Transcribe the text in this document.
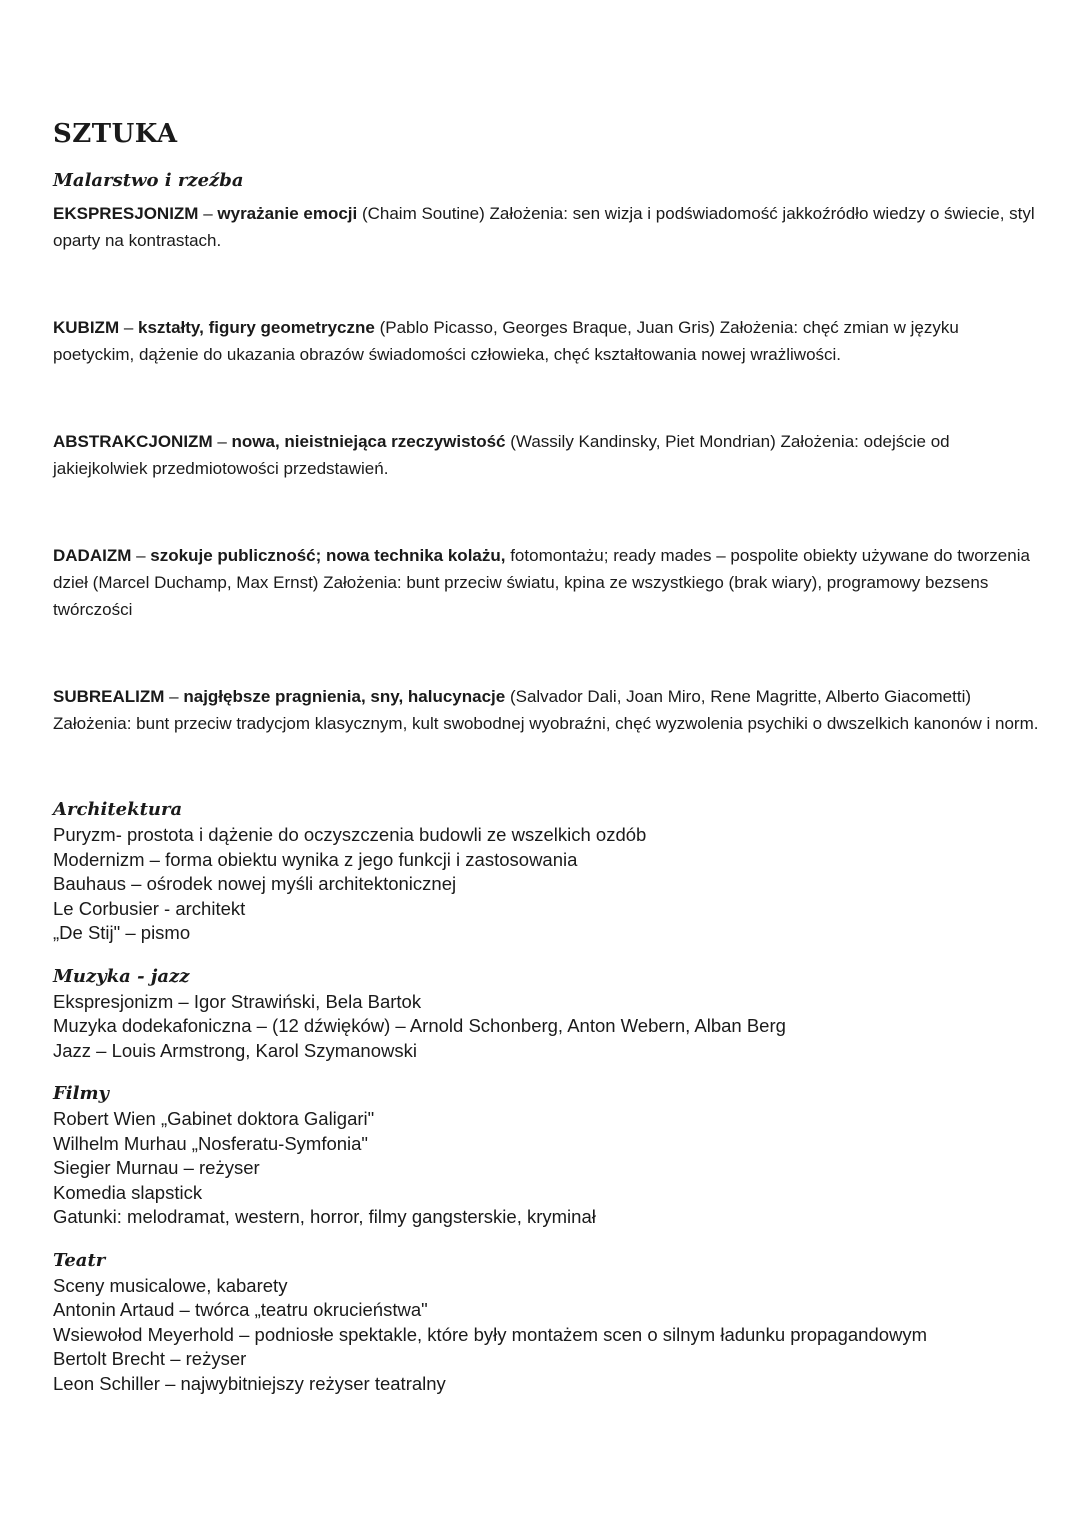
SZTUKA
Malarstwo i rzeźba

EKSPRESJONIZM – wyrażanie emocji (Chaim Soutine) Założenia: sen wizja i podświadomość jakkoźródło wiedzy o świecie, styl oparty na kontrastach.

KUBIZM – kształty, figury geometryczne (Pablo Picasso, Georges Braque, Juan Gris) Założenia: chęć zmian w języku poetyckim, dążenie do ukazania obrazów świadomości człowieka, chęć kształtowania nowej wrażliwości.

ABSTRAKCJONIZM – nowa, nieistniejąca rzeczywistość (Wassily Kandinsky, Piet Mondrian) Założenia: odejście od jakiejkolwiek przedmiotowości przedstawień.

DADAIZM – szokuje publiczność; nowa technika kolażu, fotomontażu; ready mades – pospolite obiekty używane do tworzenia dzieł (Marcel Duchamp, Max Ernst) Założenia: bunt przeciw światu, kpina ze wszystkiego (brak wiary), programowy bezsens twórczości

SUBREALIZM – najgłębsze pragnienia, sny, halucynacje (Salvador Dali, Joan Miro, Rene Magritte, Alberto Giacometti) Założenia: bunt przeciw tradycjom klasycznym, kult swobodnej wyobraźni, chęć wyzwolenia psychiki o dwszelkich kanonów i norm.

Architektura
Puryzm- prostota i dążenie do oczyszczenia budowli ze wszelkich ozdób
Modernizm – forma obiektu wynika z jego funkcji i zastosowania
Bauhaus – ośrodek nowej myśli architektonicznej
Le Corbusier - architekt
„De Stij" – pismo
Muzyka - jazz
Ekspresjonizm – Igor Strawiński, Bela Bartok
Muzyka dodekafoniczna – (12 dźwięków) – Arnold Schonberg, Anton Webern, Alban Berg
Jazz – Louis Armstrong, Karol Szymanowski
Filmy
Robert Wien „Gabinet doktora Galigari"
Wilhelm Murhau „Nosferatu-Symfonia"
Siegier Murnau – reżyser
Komedia slapstick
Gatunki: melodramat, western, horror, filmy gangsterskie, kryminał
Teatr
Sceny musicalowe, kabarety
Antonin Artaud – twórca „teatru okrucieństwa"
Wsiewołod Meyerhold – podniosłe spektakle, które były montażem scen o silnym ładunku propagandowym
Bertolt Brecht – reżyser
Leon Schiller – najwybitniejszy reżyser teatralny
